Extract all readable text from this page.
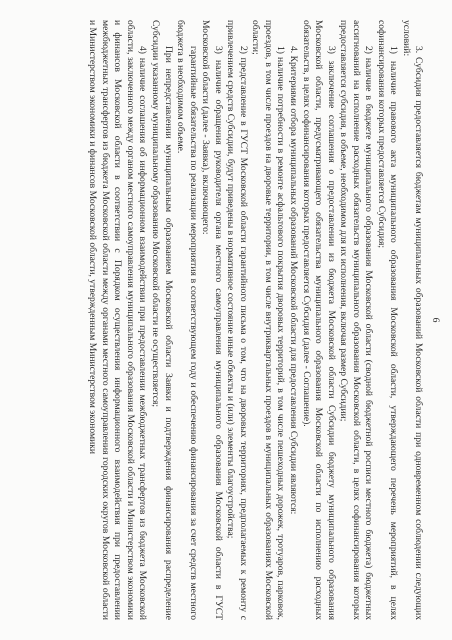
6

3. Субсидия предоставляется бюджетам муниципальных образований Московской области при одновременном соблюдении следующих условий:

1) наличие правового акта муниципального образования Московской области, утверждающего перечень мероприятий, в целях софинансирования которых предоставляется Субсидия;

2) наличие в бюджете муниципального образования Московской области (сводной бюджетной росписи местного бюджета) бюджетных ассигнований на исполнение расходных обязательств муниципального образования Московской области, в целях софинансирования которых предоставляется субсидия, в объеме, необходимом для их исполнения, включая размер Субсидии;

3) заключение соглашения о предоставлении из бюджета Московской области Субсидии бюджету муниципального образования Московской области, предусматривающего обязательства муниципального образования Московской области по исполнению расходных обязательств, в целях софинансирования которых предоставляется Субсидия (далее - Соглашение).

4. Критериями отбора муниципальных образований Московской области для предоставления Субсидии являются:

1) наличие потребности в ремонте асфальтового покрытия дворовых территорий, в том числе пешеходных дорожек, тротуаров, парковок, проездов, в том числе проездов на дворовые территории, в том числе внутриквартальных проездов в муниципальных образованиях Московской области;

2) представление в ГУСТ Московской области гарантийного письма о том, что на дворовых территориях, предполагаемых к ремонту с привлечением средств Субсидии, будут приведены в нормативное состояние иные объекты и (или) элементы благоустройства;

3) наличие обращения руководителя органа местного самоуправления муниципального образования Московской области в ГУСТ Московской области (далее - Заявка), включающего:

гарантийные обязательства по реализации мероприятия в соответствующем году и обеспечению финансирования за счет средств местного бюджета в необходимом объеме.

При непредставлении муниципальным образованием Московской области Заявки и подтверждения финансирования распределение Субсидии указанному муниципальному образованию Московской области не осуществляется;

4) наличие соглашения об информационном взаимодействии при предоставлении межбюджетных трансфертов из бюджета Московской области, заключенного между органом местного самоуправления муниципального образования Московской области и Министерством экономики и финансов Московской области в соответствии с Порядком осуществления информационного взаимодействия при предоставлении межбюджетных трансфертов из бюджета Московской области между органами местного самоуправления городских округов Московской области и Министерством экономики и финансов Московской области, утвержденным Министерством экономики
